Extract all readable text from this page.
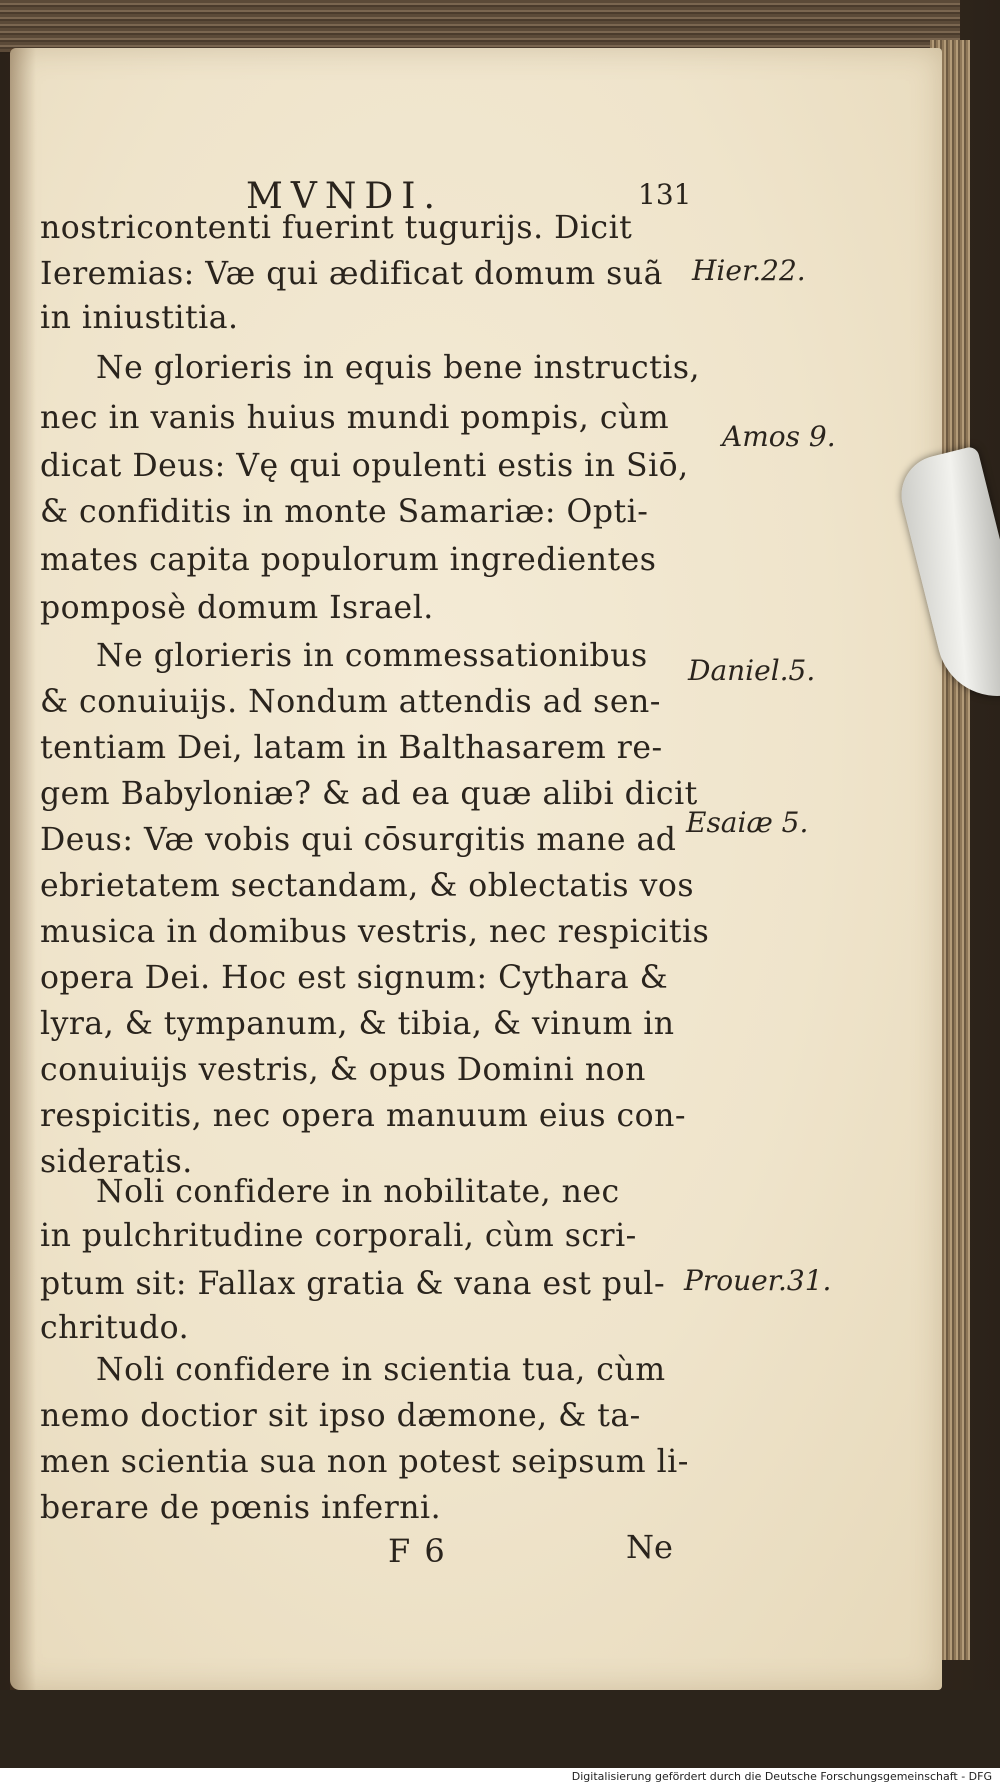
MVNDI.	131
nostricontenti fuerint tugurijs. Dicit
Ieremias: Væ qui ædificat domum suã
in iniustitia.
Ne glorieris in equis bene instructis,
nec in vanis huius mundi pompis, cùm
dicat Deus: Vę qui opulenti estis in Siō,
& confiditis in monte Samariæ: Opti-
mates capita populorum ingredientes
pomposè domum Israel.
Ne glorieris in commessationibus
& conuiuijs. Nondum attendis ad sen-
tentiam Dei, latam in Balthasarem re-
gem Babyloniæ? & ad ea quæ alibi dicit
Deus: Væ vobis qui cōsurgitis mane ad
ebrietatem sectandam, & oblectatis vos
musica in domibus vestris, nec respicitis
opera Dei. Hoc est signum: Cythara &
lyra, & tympanum, & tibia, & vinum in
conuiuijs vestris, & opus Domini non
respicitis, nec opera manuum eius con-
sideratis.
Noli confidere in nobilitate, nec
in pulchritudine corporali, cùm scri-
ptum sit: Fallax gratia & vana est pul-
chritudo.
Noli confidere in scientia tua, cùm
nemo doctior sit ipso dæmone, & ta-
men scientia sua non potest seipsum li-
berare de pœnis inferni.
Hier.22.
Amos 9.
Daniel.5.
Esaiæ 5.
Prouer.31.
F 6	Ne
Digitalisierung gefördert durch die Deutsche Forschungsgemeinschaft - DFG
